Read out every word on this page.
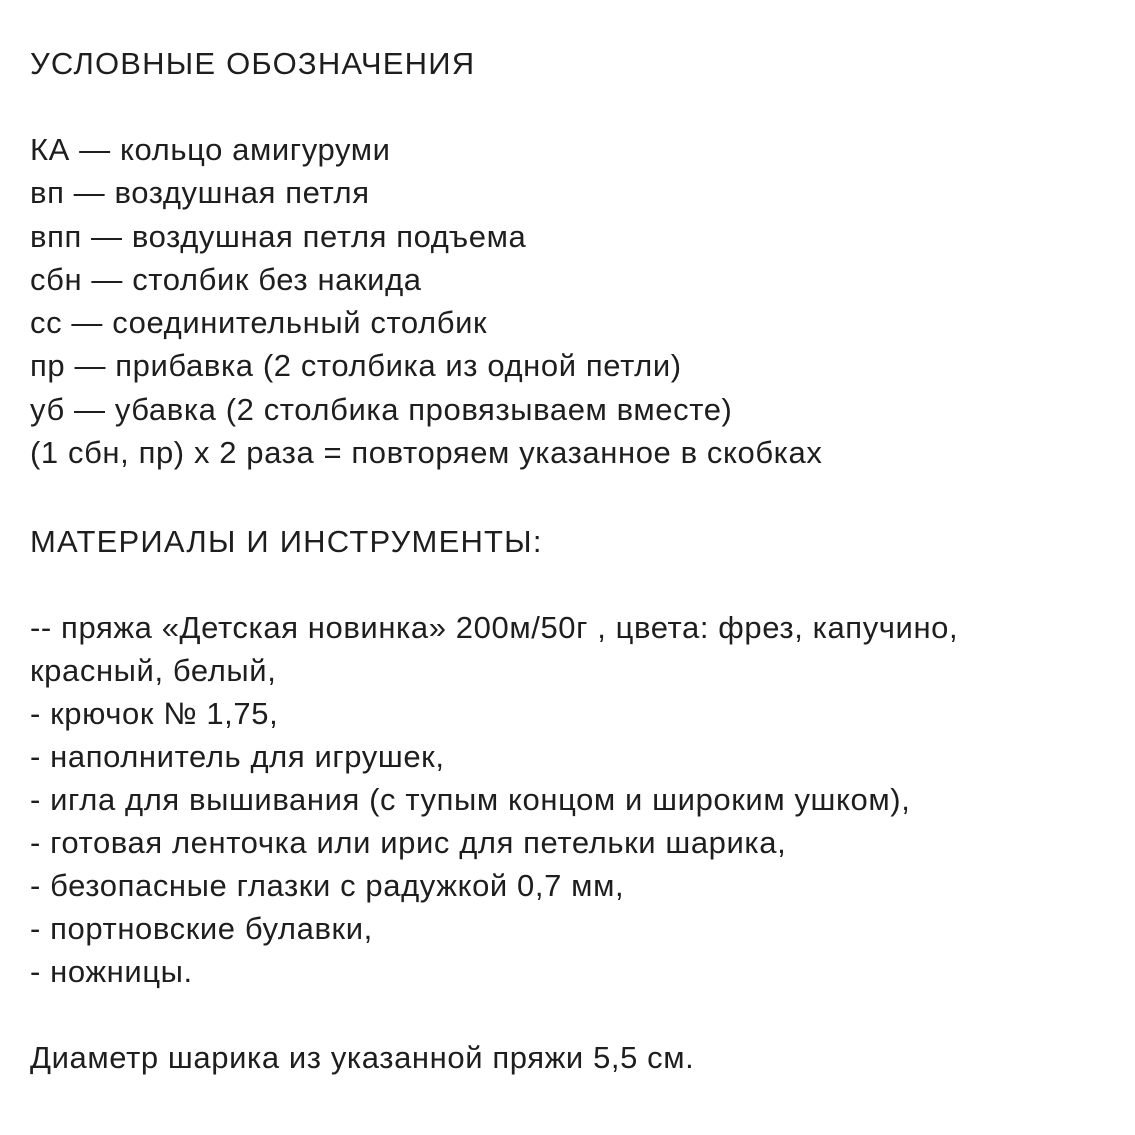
УСЛОВНЫЕ ОБОЗНАЧЕНИЯ
КА — кольцо амигуруми
вп — воздушная петля
впп — воздушная петля подъема
сбн — столбик без накида
сс — соединительный столбик
пр — прибавка (2 столбика из одной петли)
уб — убавка (2 столбика провязываем вместе)
(1 сбн, пр) х 2 раза = повторяем указанное в скобках
МАТЕРИАЛЫ И ИНСТРУМЕНТЫ:
-- пряжа «Детская новинка» 200м/50г , цвета: фрез, капучино,
красный, белый,
- крючок № 1,75,
- наполнитель для игрушек,
- игла для вышивания (с тупым концом и широким ушком),
- готовая ленточка или ирис для петельки шарика,
- безопасные глазки с радужкой 0,7 мм,
- портновские булавки,
- ножницы.
Диаметр шарика из указанной пряжи 5,5 см.
